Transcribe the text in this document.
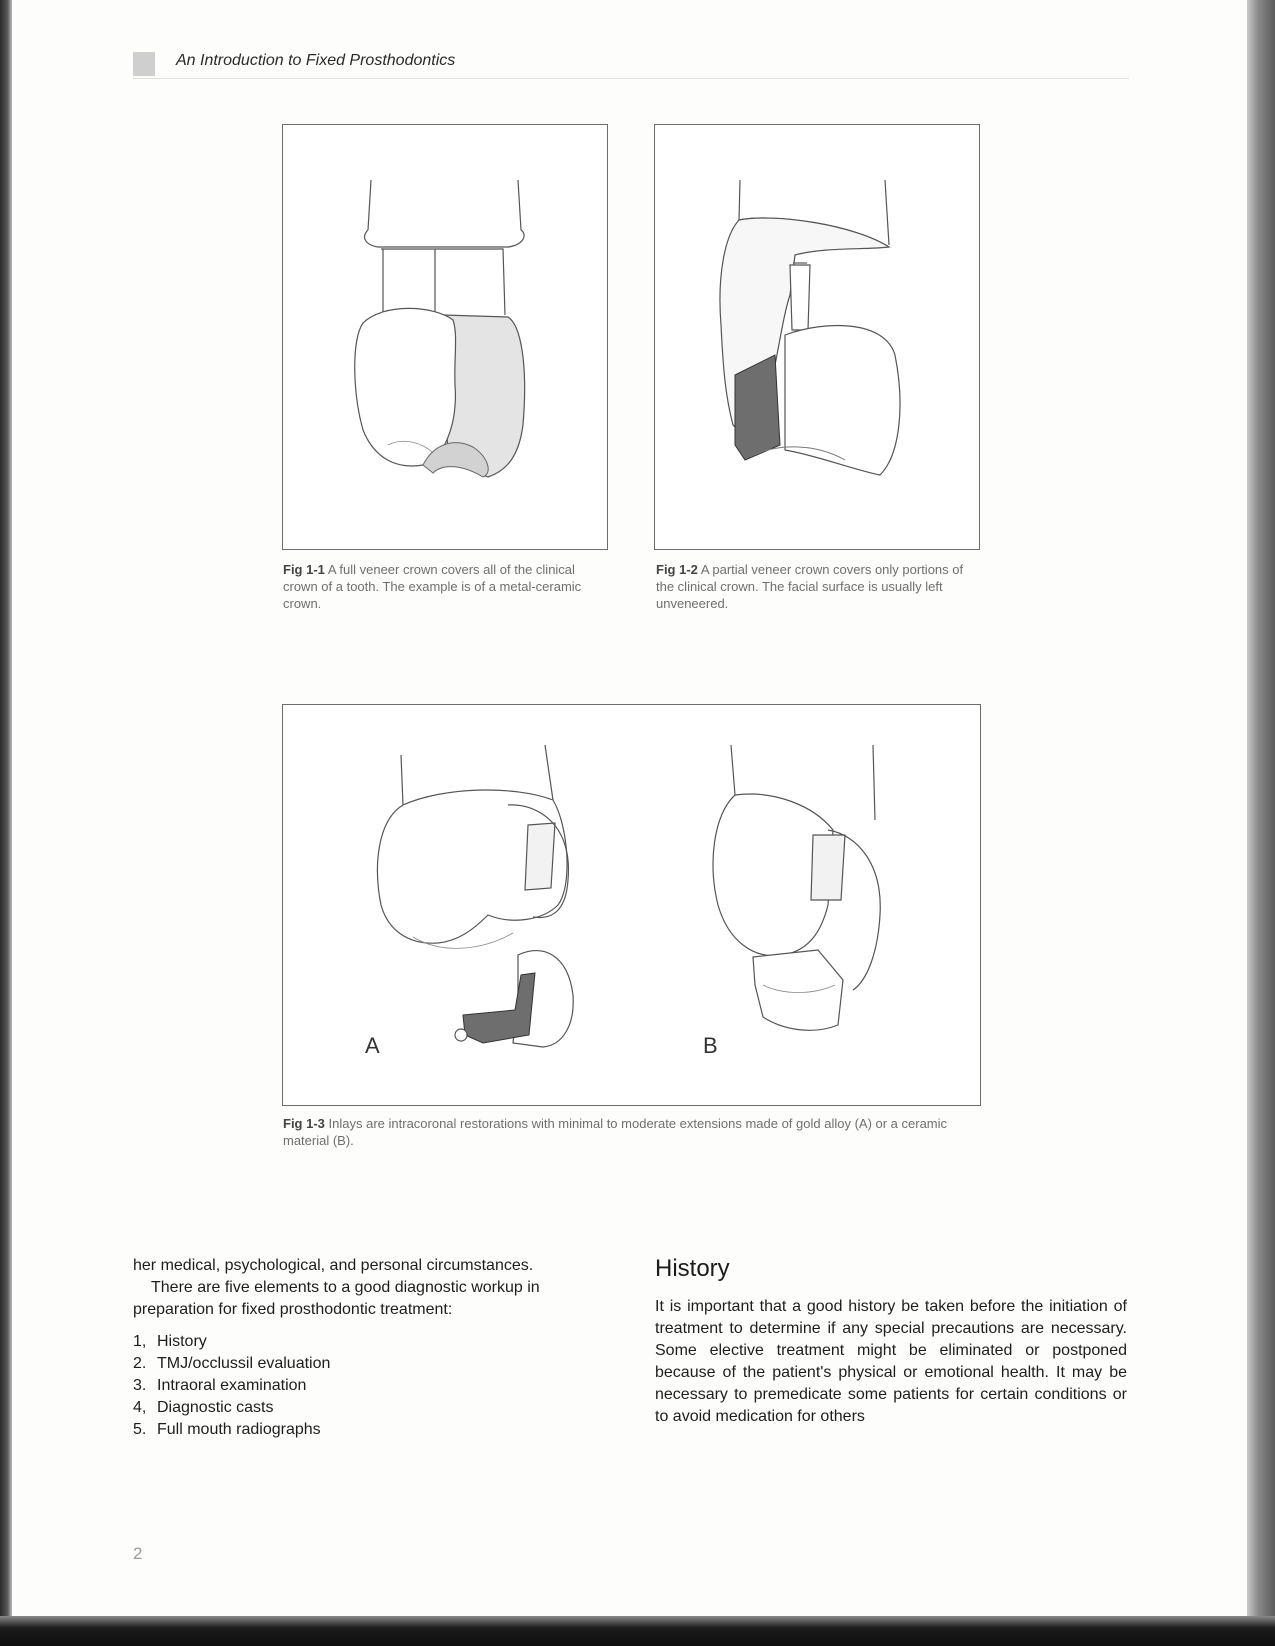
An Introduction to Fixed Prosthodontics
Fig 1-1 A full veneer crown covers all of the clinical crown of a tooth. The example is of a metal-ceramic crown.
Fig 1-2 A partial veneer crown covers only portions of the clinical crown. The facial surface is usually left unveneered.
A	B
Fig 1-3 Inlays are intracoronal restorations with minimal to moderate extensions made of gold alloy (A) or a ceramic material (B).

her medical, psychological, and personal circumstances.

There are five elements to a good diagnostic workup in preparation for fixed prosthodontic treatment:

1, History
2. TMJ/occlussil evaluation
3. Intraoral examination
4, Diagnostic casts
5. Full mouth radiographs
History

It is important that a good history be taken before the initiation of treatment to determine if any special precautions are necessary. Some elective treatment might be eliminated or postponed because of the patient's physical or emotional health. It may be necessary to premedicate some patients for certain conditions or to avoid medication for others

2
